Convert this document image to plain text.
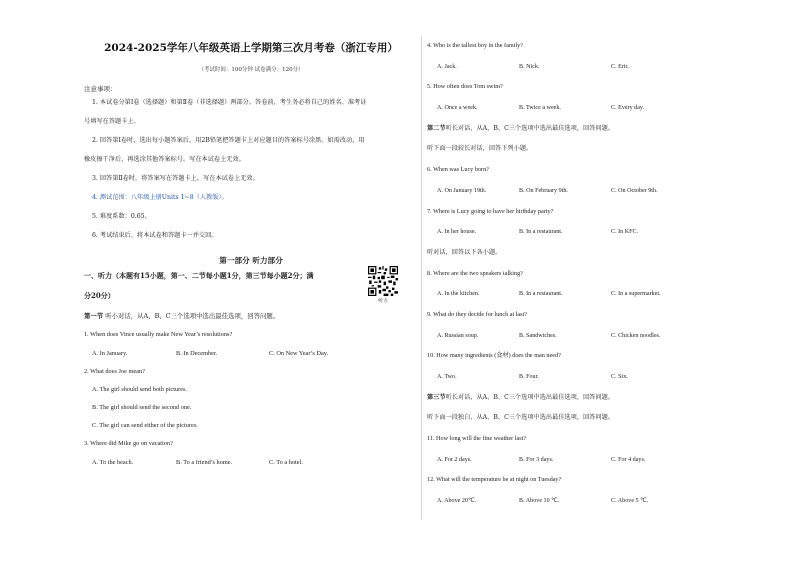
2024-2025学年八年级英语上学期第三次月考卷（浙江专用）
（考试时间：100分钟 试卷满分：120分）
注意事项：
1. 本试卷分第Ⅰ卷（选择题）和第Ⅱ卷（非选择题）两部分。答卷前，考生务必将自己的姓名、准考证
号填写在答题卡上。
2. 回答第Ⅰ卷时，选出每小题答案后，用2B铅笔把答题卡上对应题目的答案标号涂黑。如需改动，用
橡皮擦干净后，再选涂其他答案标号。写在本试卷上无效。
3. 回答第Ⅱ卷时，将答案写在答题卡上。写在本试卷上无效。
4. 测试范围：八年级上册Units 1~8（人教版）。
5. 难度系数：0.65。
6. 考试结束后，将本试卷和答题卡一并交回。
第一部分 听力部分
一、听力（本题有15小题，第一、二节每小题1分，第三节每小题2分；满
分20分）
听力
第一节 听小对话，从A、B、C三个选项中选出最佳选项，回答问题。
1. When does Vince usually make New Year’s resolutions?
A. In January.	B. In December.	C. On New Year’s Day.
2. What does Joe mean?
A. The girl should send both pictures.
B. The girl should send the second one.
C. The girl can send either of the pictures.
3. Where did Mike go on vacation?
A. To the beach.	B. To a friend’s home.	C. To a hotel.
4. Who is the tallest boy in the family?
A. Jack.	B. Nick.	C. Eric.
5. How often does Tom swim?
A. Once a week.	B. Twice a week.	C. Every day.
第二节听长对话，从A、B、C三个选项中选出最佳选项，回答问题。
听下面一段较长对话，回答下列小题。
6. When was Lucy born?
A. On January 19th.	B. On February 9th.	C. On October 9th.
7. Where is Lucy going to have her birthday party?
A. In her house.	B. In a restaurant.	C. In KFC.
听对话，回答以下各小题。
8. Where are the two speakers talking?
A. In the kitchen.	B. In a restaurant.	C. In a supermarket.
9. What do they decide for lunch at last?
A. Russian soup.	B. Sandwiches.	C. Chicken noodles.
10. How many ingredients (食材) does the man need?
A. Two.	B. Four.	C. Six.
第三节听长对话，从A、B、C三个选项中选出最佳选项，回答问题。
听下面一段独白，从A、B、C三个选项中选出最佳选项，回答问题。
11. How long will the fine weather last?
A. For 2 days.	B. For 3 days.	C. For 4 days.
12. What will the temperature be at night on Tuesday?
A. Above 20℃.	B. Above 10 ℃.	C. Above 5 ℃.
